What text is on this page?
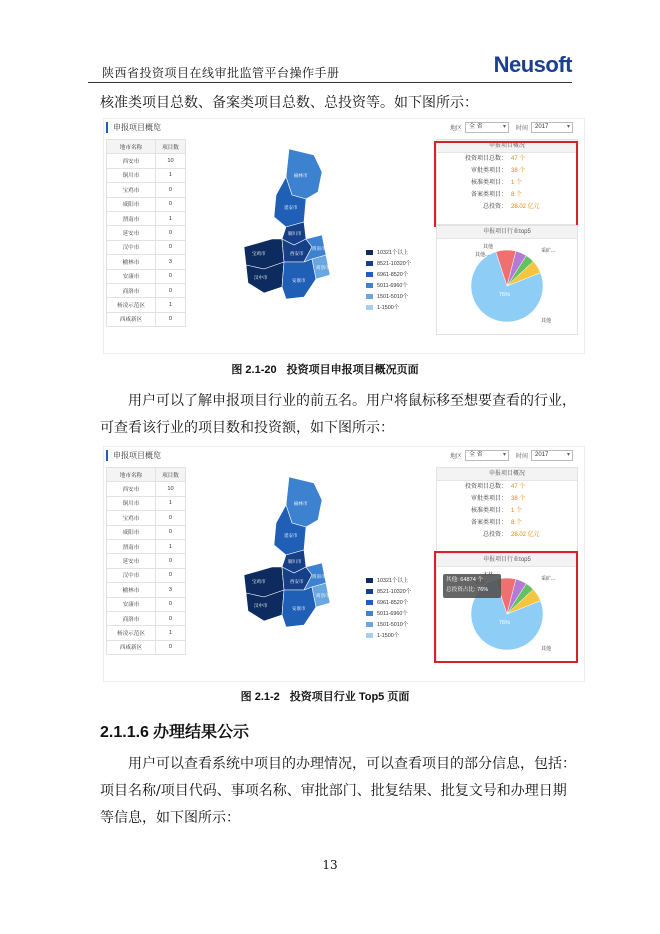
陕西省投资项目在线审批监管平台操作手册	Neusoft
核准类项目总数、备案类项目总数、总投资等。如下图所示：
申报项目概览	地区	全 省 ▾	时间	2017 ▾
地市名称	项目数
西安市	10
铜川市	1
宝鸡市	0
咸阳市	0
渭南市	1
延安市	0
汉中市	0
榆林市	3
安康市	0
商洛市	0
杨凌示范区	1
西咸新区	0
榆林市
延安市
铜川市
宝鸡市	西安市
渭南市
汉中市
安康市
商洛市
10321个以上
8521-10320个
6961-8520个
5011-6960个
1501-5010个
1-1500个
申报项目概况
投资项目总数： 47 个
审批类项目： 38 个
核准类项目： 1 个
备案类项目： 8 个
总投资： 28.02 亿元
申报项目行业top5
76%
其他
其他...
采矿...
其他
图 2.1-20 投资项目申报项目概况页面
用户可以了解申报项目行业的前五名。用户将鼠标移至想要查看的行业，可查看该行业的项目数和投资额，如下图所示：
申报项目概览	地区	全 省 ▾	时间	2017 ▾
地市名称	项目数
西安市	10
铜川市	1
宝鸡市	0
咸阳市	0
渭南市	1
延安市	0
汉中市	0
榆林市	3
安康市	0
商洛市	0
杨凌示范区	1
西咸新区	0
榆林市
延安市
铜川市
宝鸡市	西安市
渭南市
汉中市
安康市
商洛市
10321个以上
8521-10320个
6961-8520个
5011-6960个
1501-5010个
1-1500个
申报项目概况
投资项目总数： 47 个
审批类项目： 38 个
核准类项目： 1 个
备案类项目： 8 个
总投资： 28.02 亿元
申报项目行业top5
76%
采矿...
其他
其他: 64874 个
总投资占比: 76%
图 2.1-2 投资项目行业 Top5 页面
2.1.1.6 办理结果公示
用户可以查看系统中项目的办理情况，可以查看项目的部分信息，包括：项目名称/项目代码、事项名称、审批部门、批复结果、批复文号和办理日期等信息，如下图所示：
13
